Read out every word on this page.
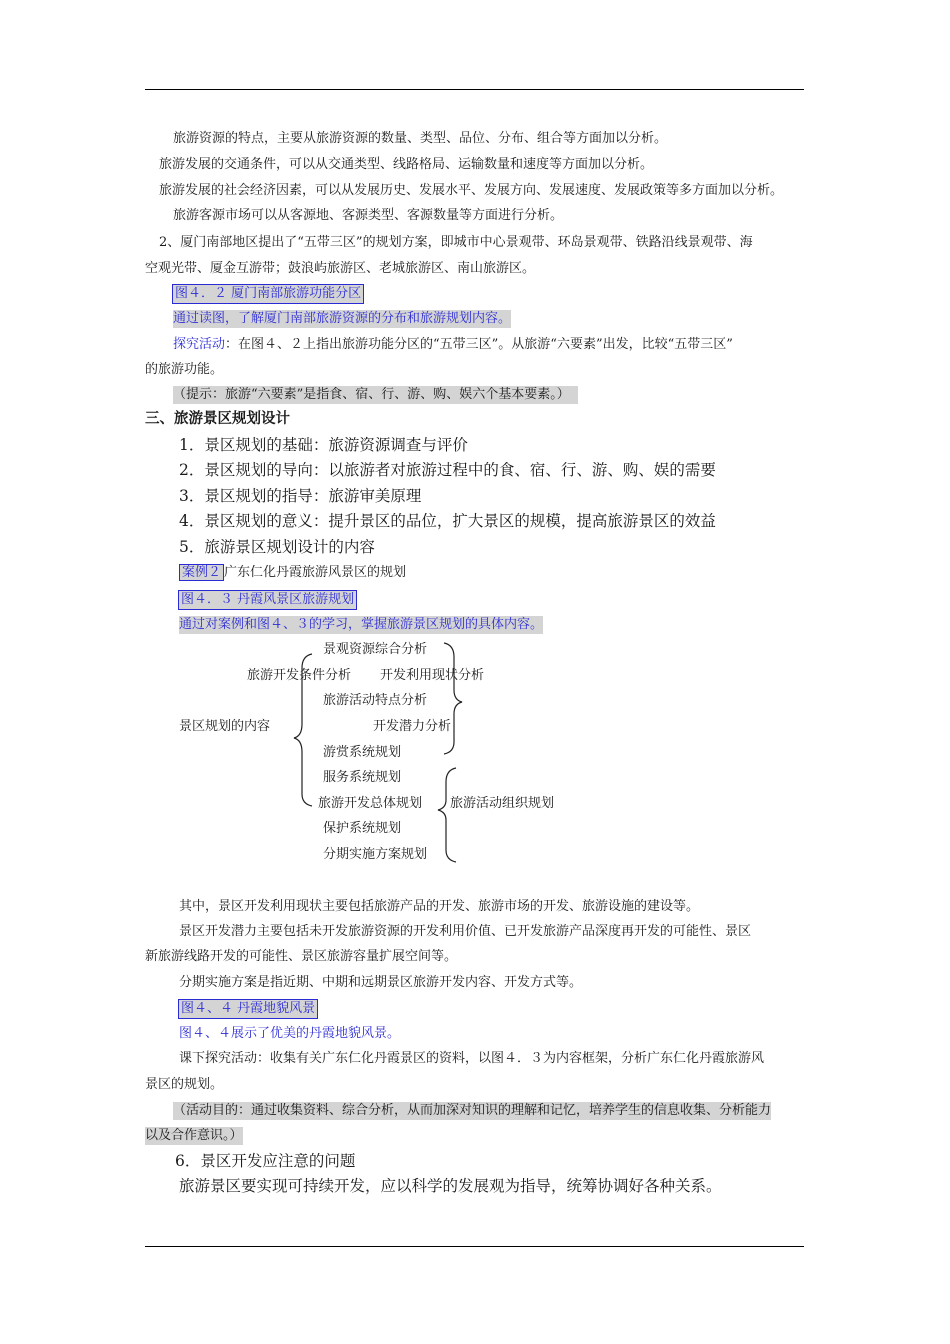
旅游资源的特点，主要从旅游资源的数量、类型、品位、分布、组合等方面加以分析。
旅游发展的交通条件，可以从交通类型、线路格局、运输数量和速度等方面加以分析。
旅游发展的社会经济因素，可以从发展历史、发展水平、发展方向、发展速度、发展政策等多方面加以分析。
旅游客源市场可以从客源地、客源类型、客源数量等方面进行分析。
2、厦门南部地区提出了“五带三区”的规划方案，即城市中心景观带、环岛景观带、铁路沿线景观带、海
空观光带、厦金互游带；鼓浪屿旅游区、老城旅游区、南山旅游区。
图４．２ 厦门南部旅游功能分区
通过读图，了解厦门南部旅游资源的分布和旅游规划内容。
探究活动：在图４、２上指出旅游功能分区的“五带三区”。从旅游“六要素”出发，比较“五带三区”
的旅游功能。
（提示：旅游“六要素”是指食、宿、行、游、购、娱六个基本要素。）
三、旅游景区规划设计
1．景区规划的基础：旅游资源调查与评价
2．景区规划的导向：以旅游者对旅游过程中的食、宿、行、游、购、娱的需要
3．景区规划的指导：旅游审美原理
4．景区规划的意义：提升景区的品位，扩大景区的规模，提高旅游景区的效益
5．旅游景区规划设计的内容
案例２ 广东仁化丹霞旅游风景区的规划
图４．３ 丹霞风景区旅游规划
通过对案例和图４、３的学习，掌握旅游景区规划的具体内容。
景观资源综合分析
旅游开发条件分析 开发利用现状分析
旅游活动特点分析
景区规划的内容	开发潜力分析
游赏系统规划
服务系统规划
旅游开发总体规划 旅游活动组织规划
保护系统规划
分期实施方案规划
其中，景区开发利用现状主要包括旅游产品的开发、旅游市场的开发、旅游设施的建设等。
景区开发潜力主要包括未开发旅游资源的开发利用价值、已开发旅游产品深度再开发的可能性、景区
新旅游线路开发的可能性、景区旅游容量扩展空间等。
分期实施方案是指近期、中期和远期景区旅游开发内容、开发方式等。
图４、４ 丹霞地貌风景
图４、４展示了优美的丹霞地貌风景。
课下探究活动：收集有关广东仁化丹霞景区的资料，以图４．３为内容框架，分析广东仁化丹霞旅游风
景区的规划。
（活动目的：通过收集资料、综合分析，从而加深对知识的理解和记忆，培养学生的信息收集、分析能力
以及合作意识。）
6．景区开发应注意的问题
旅游景区要实现可持续开发，应以科学的发展观为指导，统筹协调好各种关系。
